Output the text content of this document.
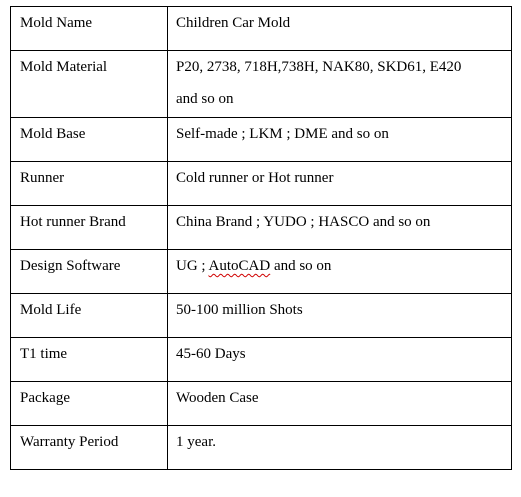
Mold Name	Children Car Mold
Mold Material	P20, 2738, 718H,738H, NAK80, SKD61, E420
and so on
Mold Base	Self-made ; LKM ; DME and so on
Runner	Cold runner or Hot runner
Hot runner Brand	China Brand ; YUDO ; HASCO and so on
Design Software	UG ; AutoCAD and so on
Mold Life	50-100 million Shots
T1 time	45-60 Days
Package	Wooden Case
Warranty Period	1 year.
